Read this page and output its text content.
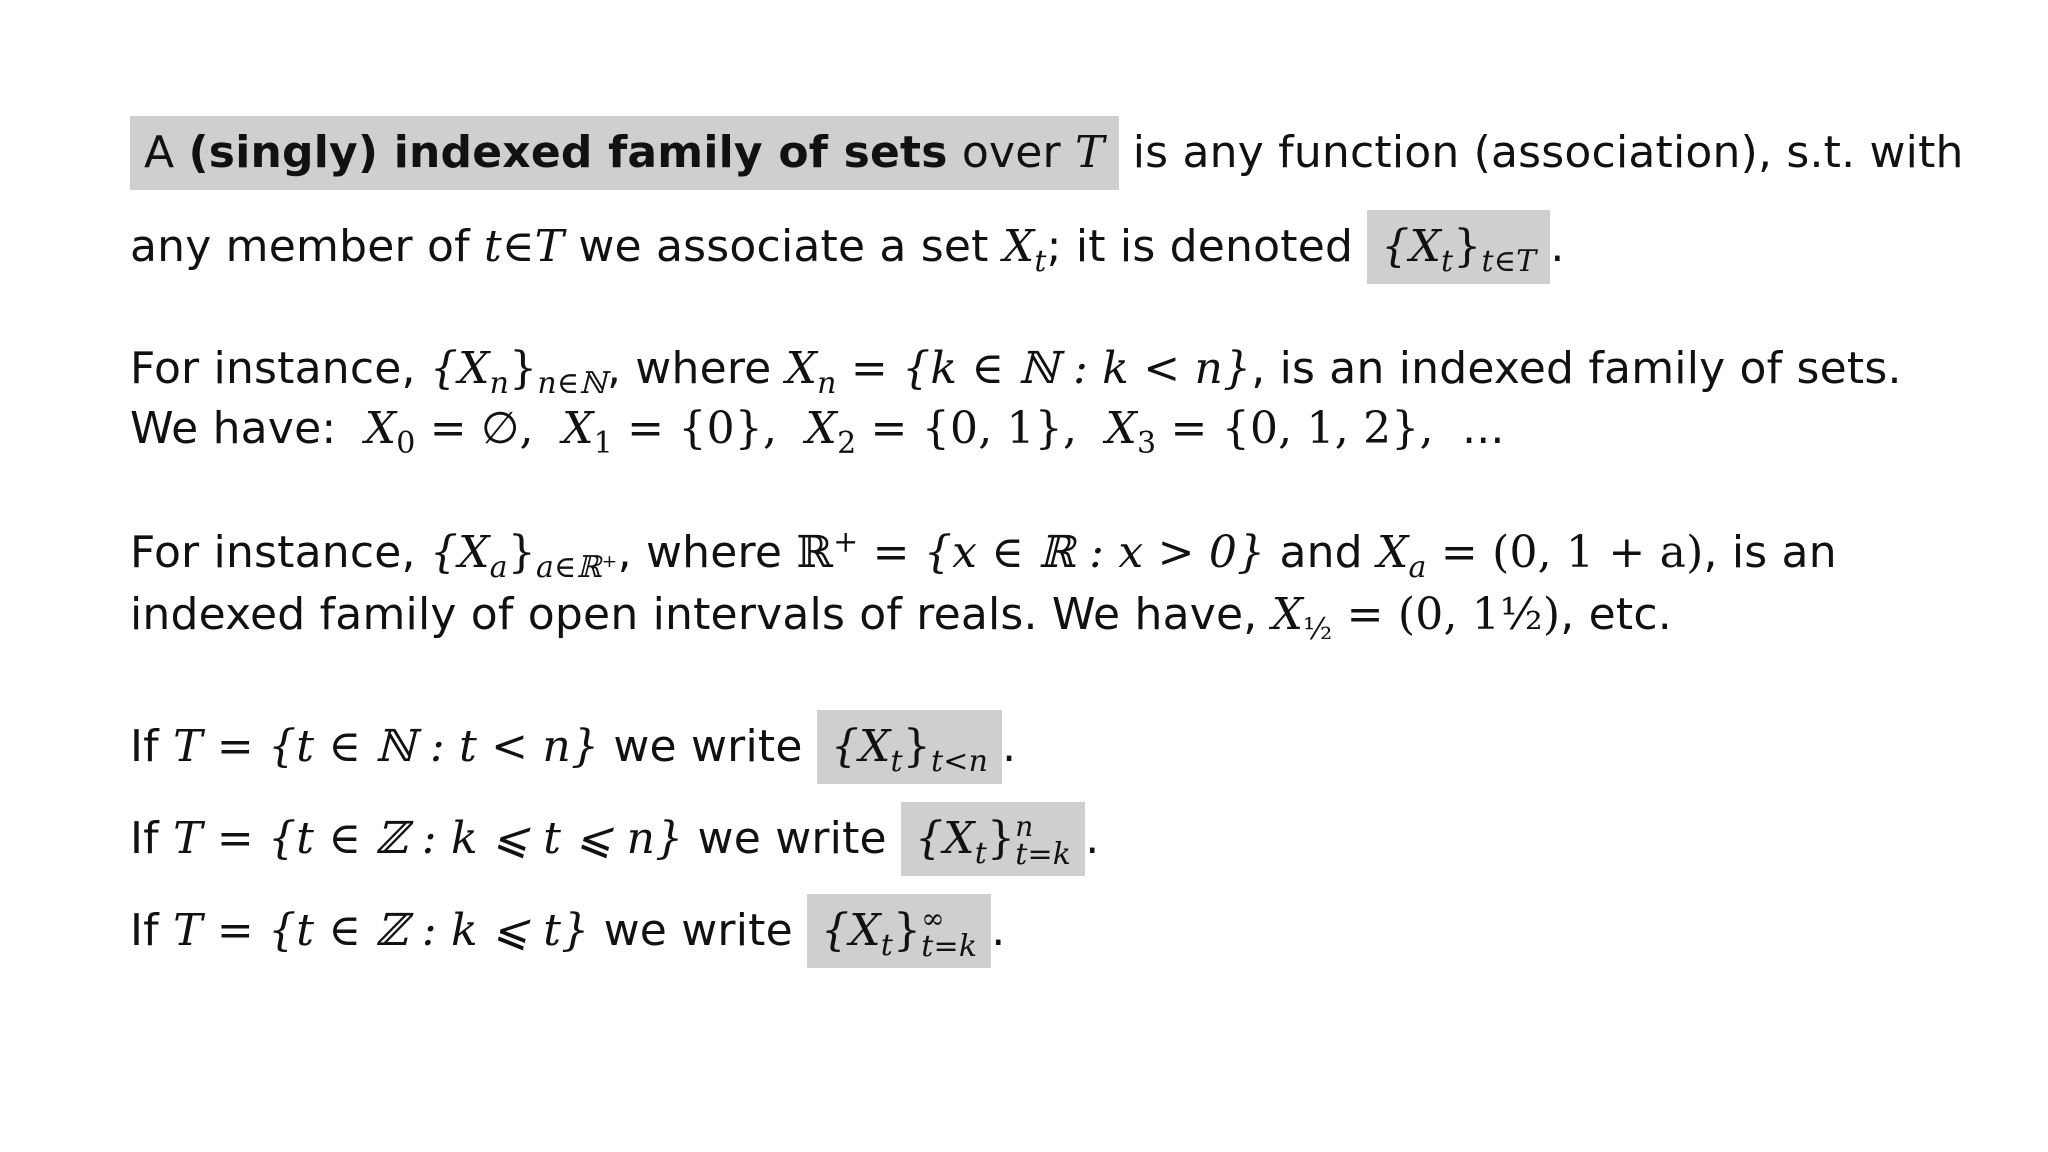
A (singly) indexed family of sets over T is any function (association), s.t. with
any member of t∈T we associate a set $X_t$; it is denoted $\{X_t\}_{t\in T}$ .
For instance, $\{X_n\}_{n\in ℕ}$, where $X_n = \{k$ ∈ ℕ : k < n}, is an indexed family of sets.
We have: $X_0$ = ∅, $X_1 = \{0\}$, $X_2 = \{0$, 1}, $X_3 = \{0$, 1, 2}, ...
For instance, $\{X_a\}_{a\in ℝ^+}$, where ℝ+ = {x ∈ ℝ : x > 0} and $X_a = (0$, 1 + a), is an
indexed family of open intervals of reals. We have, $X_{\frac{1}{2}} = (0$, 1½), etc.
If T = {t ∈ ℕ : t < n} we write $\{X_t\}_{t<n}$ .
If T = {t ∈ ℤ : k ⩽ t ⩽ n} we write $\{X_t\}$ n
t=k .
If T = {t ∈ ℤ : k ⩽ t} we write $\{X_t\}$ ∞
t=k .
